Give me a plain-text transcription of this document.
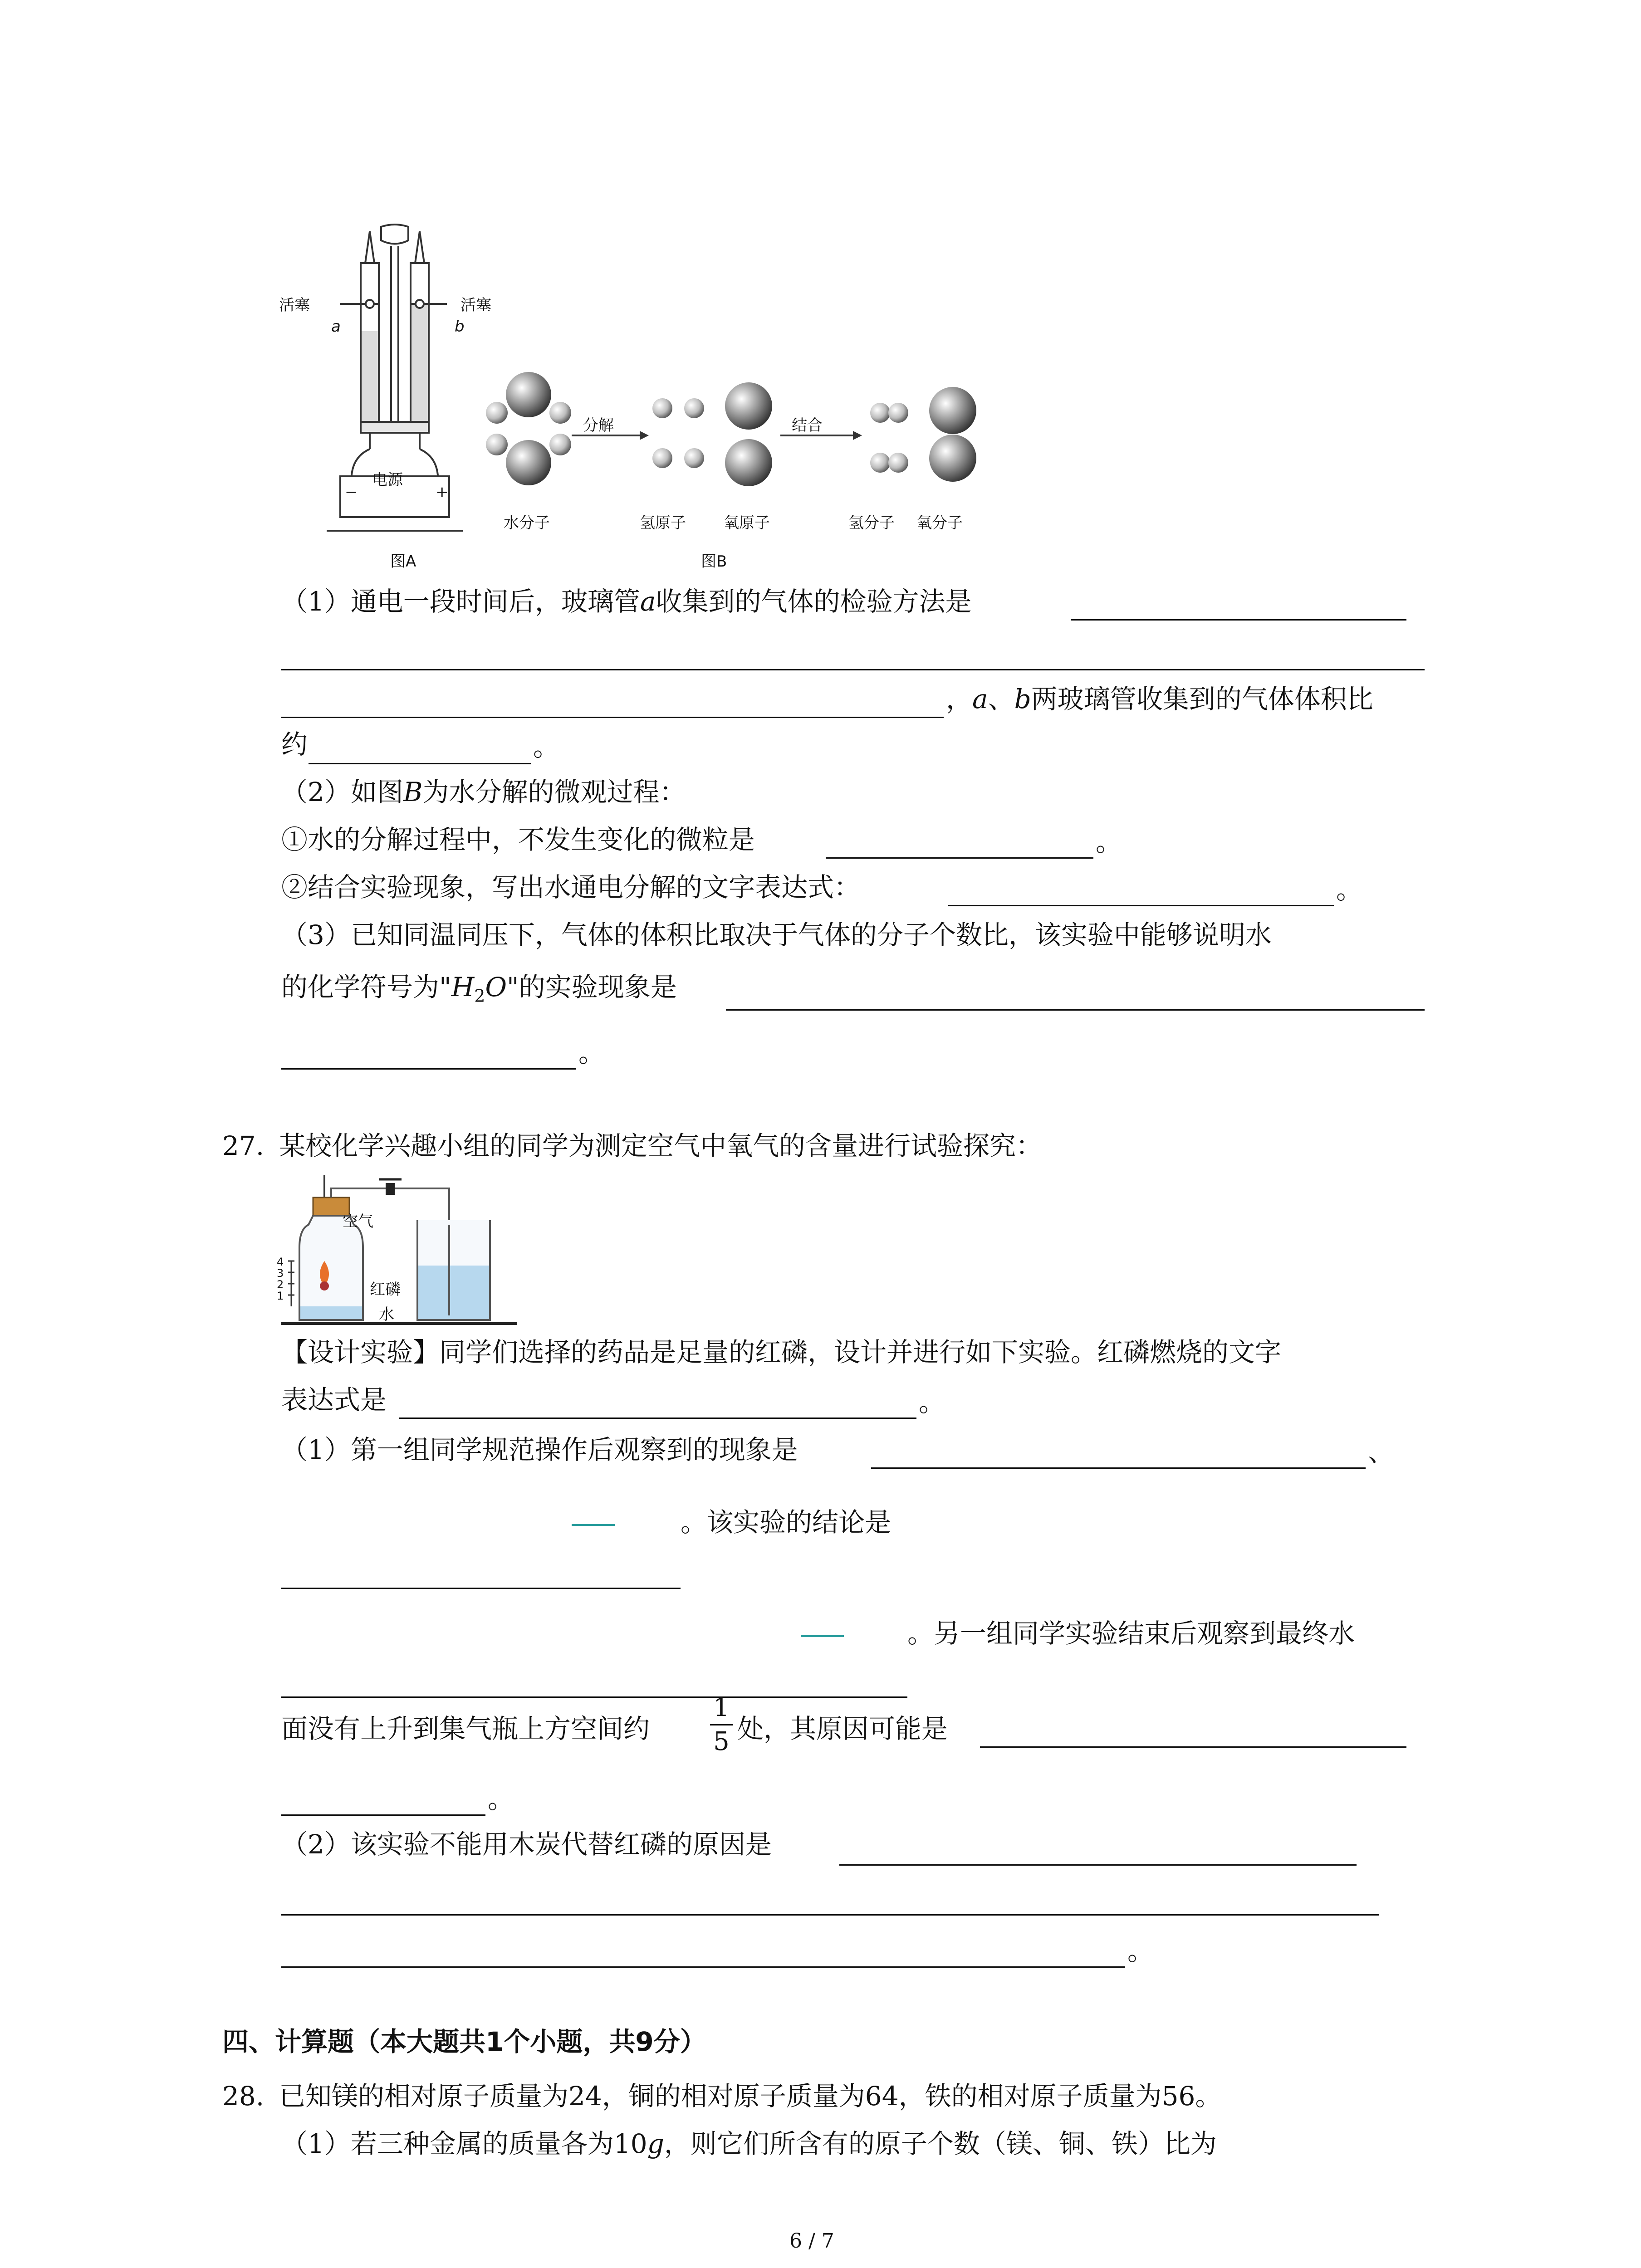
活塞	活塞
a	b
电源
−	+
图A
分解	结合
水分子	氢原子 氧原子	氢分子 氧分子
图B
（1）通电一段时间后，玻璃管a收集到的气体的检验方法是
，a、b两玻璃管收集到的气体体积比
约	。
（2）如图B为水分解的微观过程：
①水的分解过程中，不发生变化的微粒是	。
②结合实验现象，写出水通电分解的文字表达式：	。
（3）已知同温同压下，气体的体积比取决于气体的分子个数比，该实验中能够说明水
的化学符号为"$H_2O$"的实验现象是
。
27. 某校化学兴趣小组的同学为测定空气中氧气的含量进行试验探究：
空气
红磷
水
4
3
2
1
【设计实验】同学们选择的药品是足量的红磷，设计并进行如下实验。红磷燃烧的文字
表达式是	。
（1）第一组同学规范操作后观察到的现象是	、
。该实验的结论是
。另一组同学实验结束后观察到最终水
面没有上升到集气瓶上方空间约
1
5 处，其原因可能是
。
（2）该实验不能用木炭代替红磷的原因是
。
四、计算题（本大题共1个小题，共9分）
28. 已知镁的相对原子质量为24，铜的相对原子质量为64，铁的相对原子质量为56。
（1）若三种金属的质量各为10g，则它们所含有的原子个数（镁、铜、铁）比为
6 / 7
